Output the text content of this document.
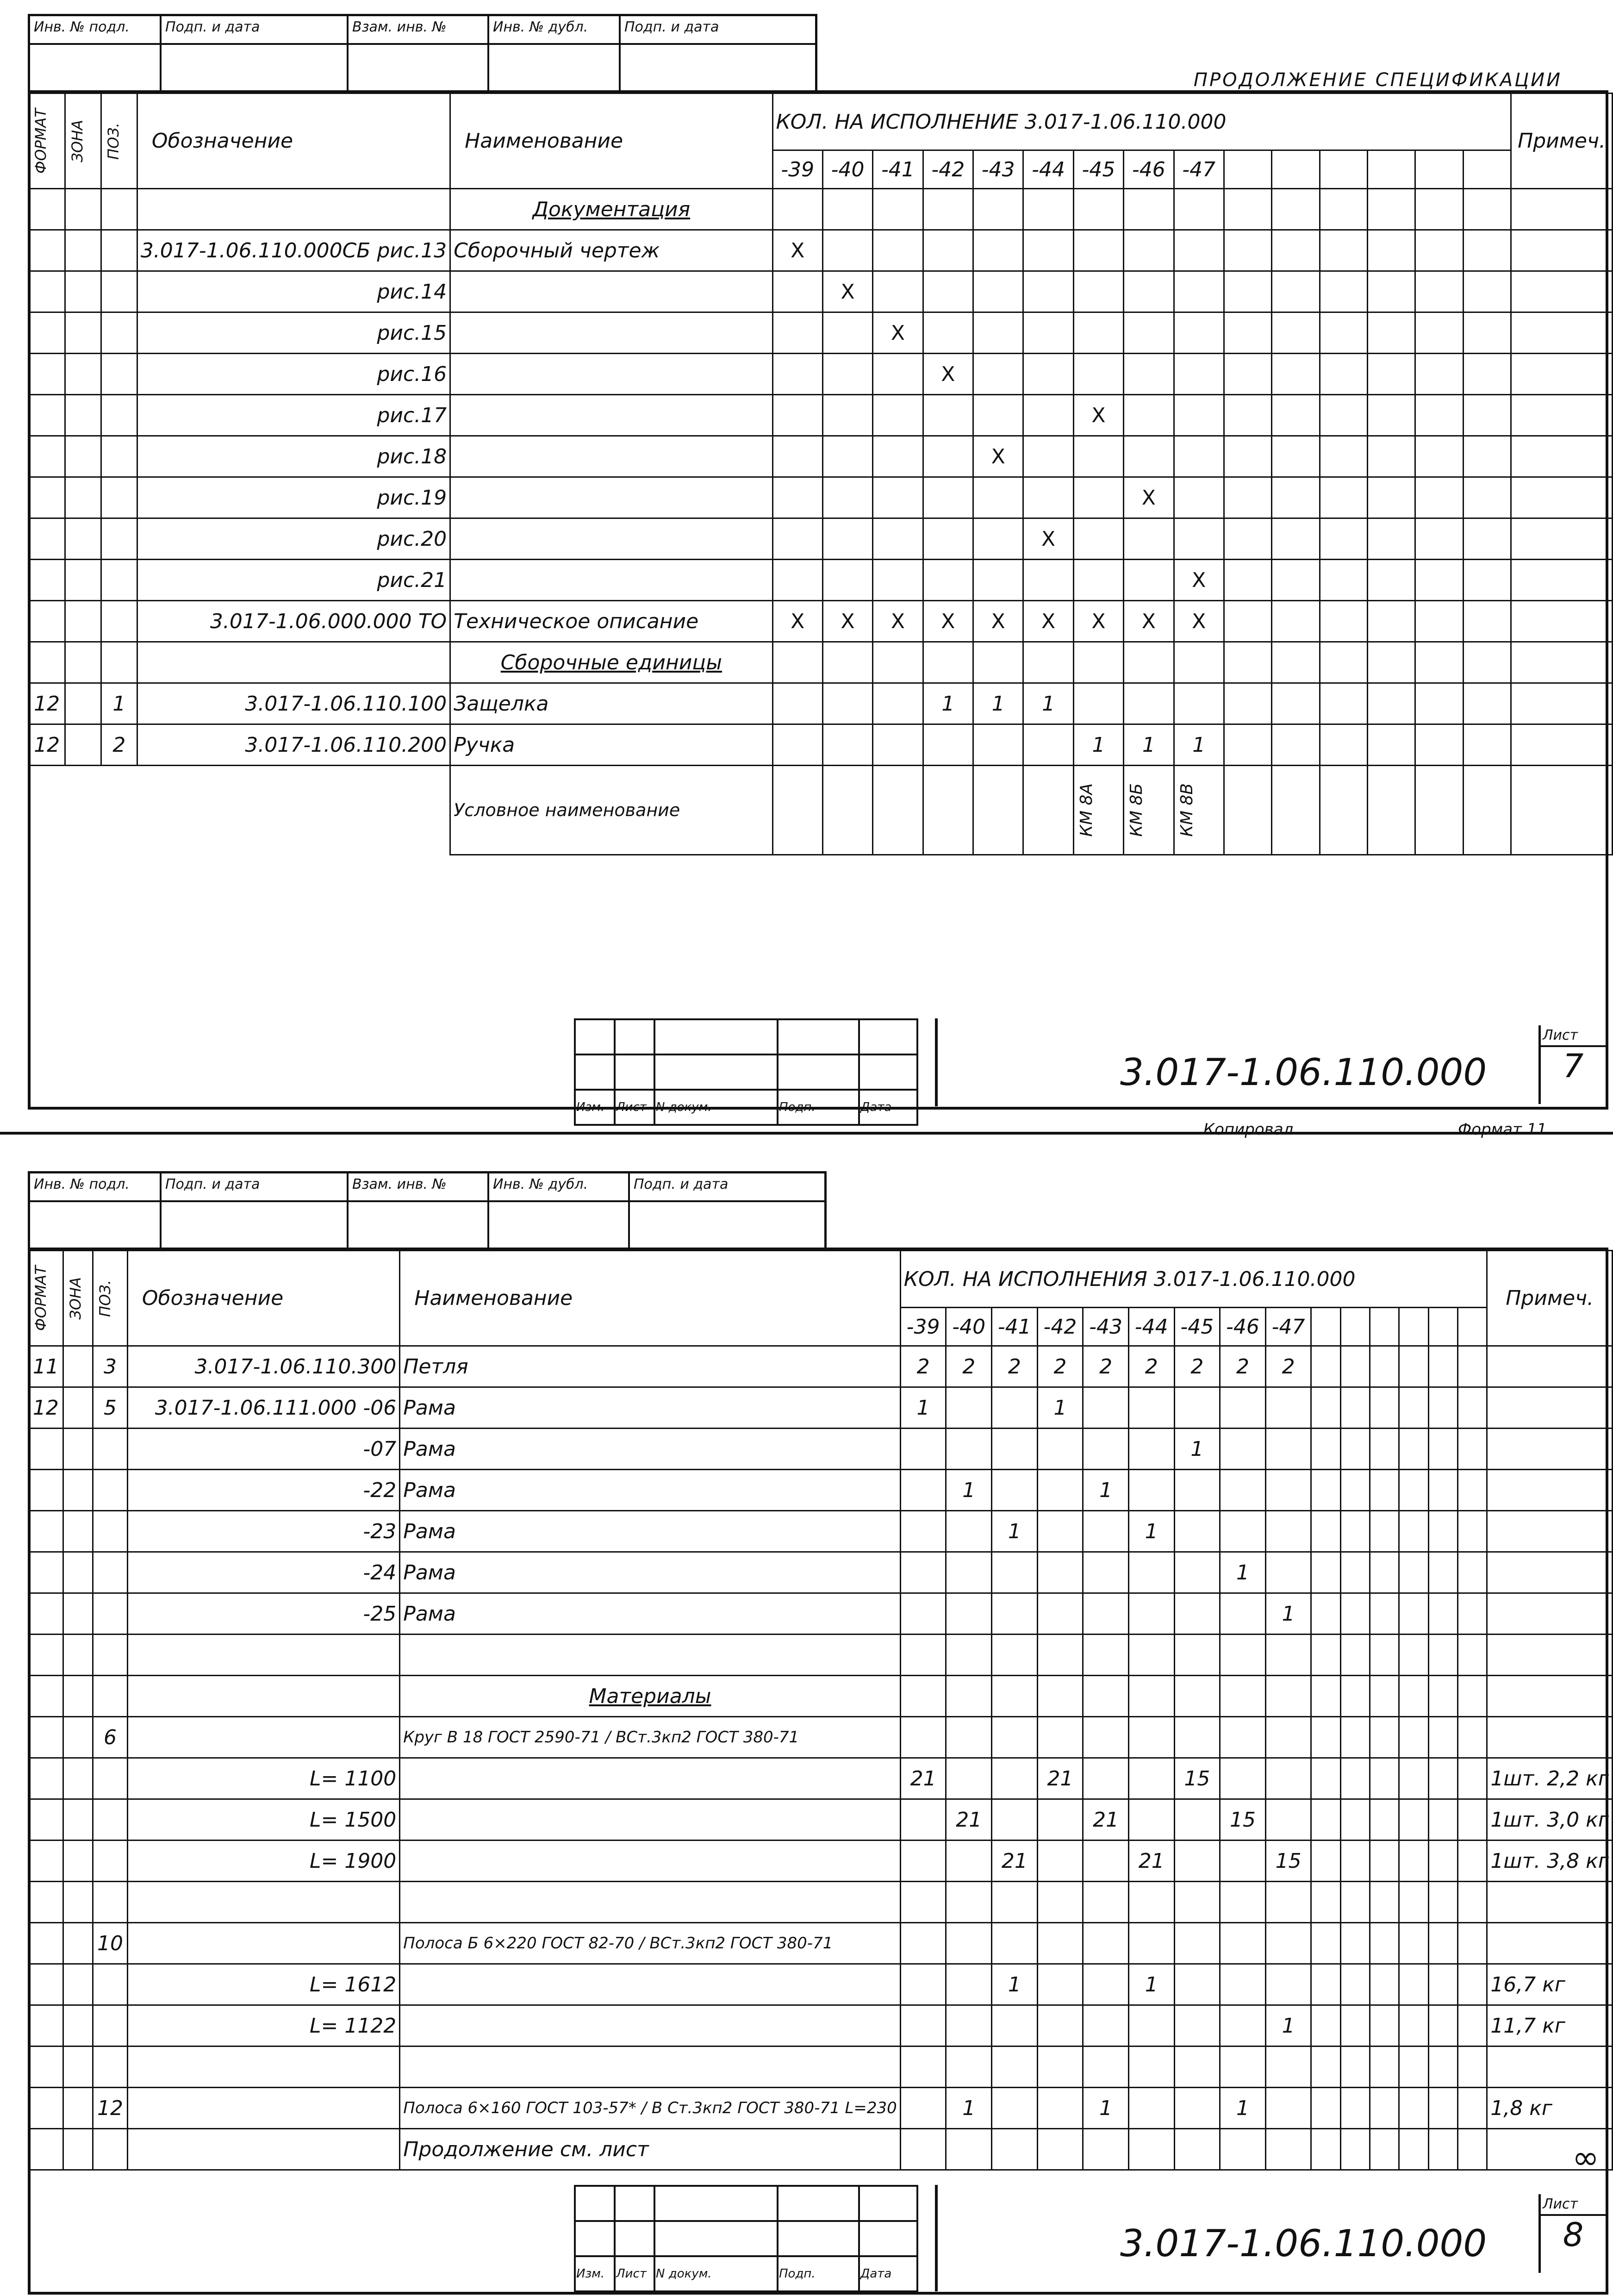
Инв. № подл.	Подп. и дата	Взам. инв. №	Инв. № дубл.	Подп. и дата
ПРОДОЛЖЕНИЕ СПЕЦИФИКАЦИИ
ФОРМАТ	ЗОНА	ПОЗ.	Обозначение	Наименование	КОЛ. НА ИСПОЛНЕНИЕ 3.017-1.06.110.000															Примеч.
					-39	-40	-41	-42	-43	-44	-45	-46	-47							
				Документация																
			3.017-1.06.110.000СБ рис.13	Сборочный чертеж	X															
			рис.14			X														
			рис.15				X													
			рис.16					X												
			рис.17								X									
			рис.18						X											
			рис.19									X								
			рис.20							X										
			рис.21										X							
			3.017-1.06.000.000 ТО	Техническое описание	X	X	X	X	X	X	X	X	X							
				Сборочные единицы																
12		1	3.017-1.06.110.100	Защелка				1	1	1										
12		2	3.017-1.06.110.200	Ручка							1	1	1							
				Условное наименование							КМ 8А	КМ 8Б	КМ 8В							

Изм.	Лист	N докум.	Подп.	Дата
3.017-1.06.110.000
Лист
7
Копировал	Формат 11
Инв. № подл.	Подп. и дата	Взам. инв. №	Инв. № дубл.	Подп. и дата
ФОРМАТ	ЗОНА	ПОЗ.	Обозначение	Наименование	КОЛ. НА ИСПОЛНЕНИЯ 3.017-1.06.110.000															Примеч.
					-39	-40	-41	-42	-43	-44	-45	-46	-47							
11		3	3.017-1.06.110.300	Петля	2	2	2	2	2	2	2	2	2							
12		5	3.017-1.06.111.000 -06	Рама	1			1												
			-07	Рама							1									
			-22	Рама		1			1											
			-23	Рама			1			1										
			-24	Рама								1								
			-25	Рама									1							

				Материалы																
		6		Круг В 18 ГОСТ 2590-71 / ВСт.3кп2 ГОСТ 380-71																
			L= 1100		21			21			15									1шт. 2,2 кг
			L= 1500			21			21			15								1шт. 3,0 кг
			L= 1900				21			21			15							1шт. 3,8 кг

		10		Полоса Б 6×220 ГОСТ 82-70 / ВСт.3кп2 ГОСТ 380-71																
			L= 1612				1			1										16,7 кг
			L= 1122										1							11,7 кг

		12		Полоса 6×160 ГОСТ 103-57* / В Ст.3кп2 ГОСТ 380-71 L=230		1			1			1								1,8 кг
				Продолжение см. лист																

Изм.	Лист	N докум.	Подп.	Дата
3.017-1.06.110.000
∞
Лист
8
